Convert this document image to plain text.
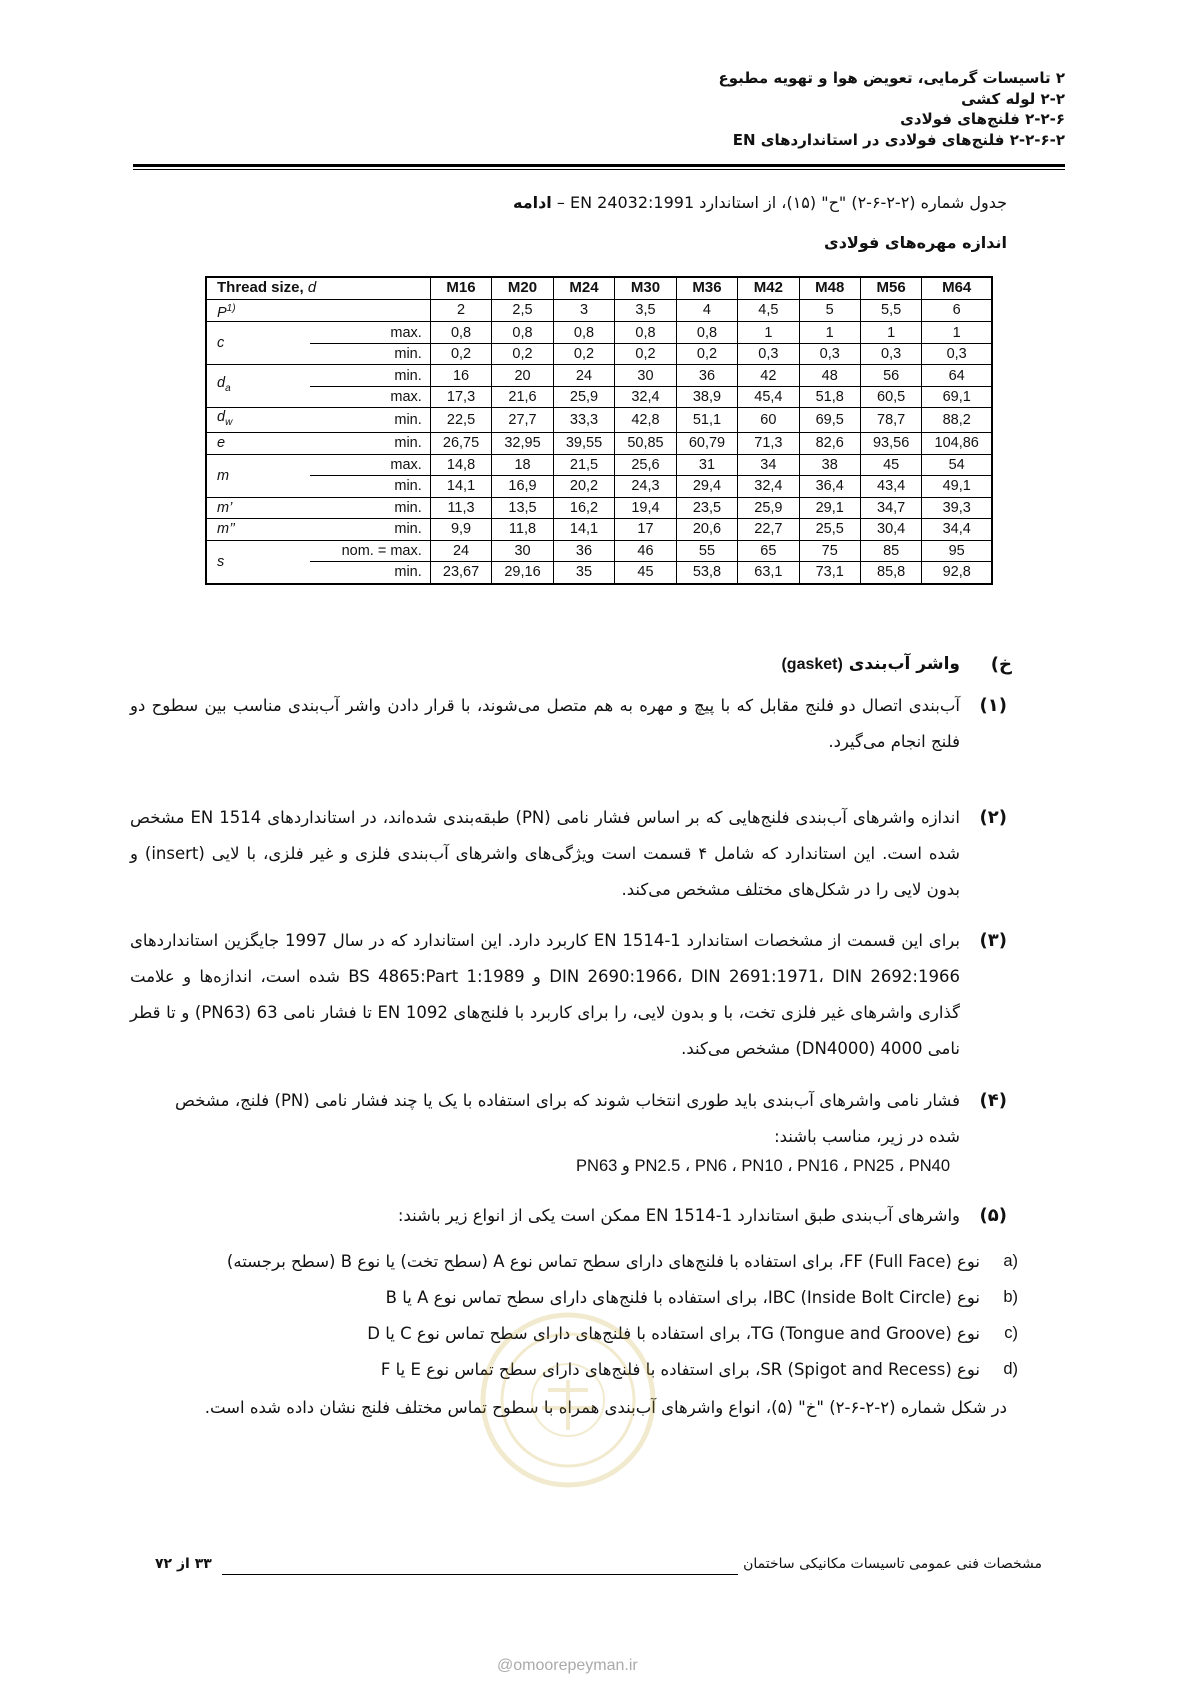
۲ تاسیسات گرمایی، تعویض هوا و تهویه مطبوع
۲-۲ لوله کشی
۲-۲-۶ فلنج‌های فولادی
۲-۲-۶-۲ فلنج‌های فولادی در استانداردهای EN
جدول شماره (۲-۲-۶-۲) "ح" (۱۵)، از استاندارد EN 24032:1991 – ادامه
اندازه مهره‌های فولادی
Thread size, d		M16	M20	M24	M30	M36	M42	M48	M56	M64
$P^{1)}$		2	2,5	3	3,5	4	4,5	5	5,5	6
c	max.	0,8	0,8	0,8	0,8	0,8	1	1	1	1
	min.	0,2	0,2	0,2	0,2	0,2	0,3	0,3	0,3	0,3
$d_a$	min.	16	20	24	30	36	42	48	56	64
	max.	17,3	21,6	25,9	32,4	38,9	45,4	51,8	60,5	69,1
$d_w$	min.	22,5	27,7	33,3	42,8	51,1	60	69,5	78,7	88,2
e	min.	26,75	32,95	39,55	50,85	60,79	71,3	82,6	93,56	104,86
m	max.	14,8	18	21,5	25,6	31	34	38	45	54
	min.	14,1	16,9	20,2	24,3	29,4	32,4	36,4	43,4	49,1
m’	min.	11,3	13,5	16,2	19,4	23,5	25,9	29,1	34,7	39,3
m’’	min.	9,9	11,8	14,1	17	20,6	22,7	25,5	30,4	34,4
s	nom. = max.	24	30	36	46	55	65	75	85	95
	min.	23,67	29,16	35	45	53,8	63,1	73,1	85,8	92,8
خ)
واشر آب‌بندی (gasket)
(۱)
آب‌بندی اتصال دو فلنج مقابل که با پیچ و مهره به هم متصل می‌شوند، با قرار دادن واشر آب‌بندی مناسب بین سطوح دو فلنج انجام می‌گیرد.
(۲)
اندازه واشرهای آب‌بندی فلنج‌هایی که بر اساس فشار نامی (PN) طبقه‌بندی شده‌اند، در استانداردهای EN 1514 مشخص شده است. این استاندارد که شامل ۴ قسمت است ویژگی‌های واشرهای آب‌بندی فلزی و غیر فلزی، با لایی (insert) و بدون لایی را در شکل‌های مختلف مشخص می‌کند.
(۳)
برای این قسمت از مشخصات استاندارد EN 1514-1 کاربرد دارد. این استاندارد که در سال 1997 جایگزین استانداردهای DIN 2690:1966، DIN 2691:1971، DIN 2692:1966 و BS 4865:Part 1:1989 شده است، اندازه‌ها و علامت گذاری واشرهای غیر فلزی تخت، با و بدون لایی، را برای کاربرد با فلنج‌های EN 1092 تا فشار نامی 63 (PN63) و تا قطر نامی 4000 (DN4000) مشخص می‌کند.
(۴)
فشار نامی واشرهای آب‌بندی باید طوری انتخاب شوند که برای استفاده با یک یا چند فشار نامی (PN) فلنج، مشخص شده در زیر، مناسب باشند:
PN2.5 ، PN6 ، PN10 ، PN16 ، PN25 ، PN40 و PN63
(۵)
واشرهای آب‌بندی طبق استاندارد EN 1514-1 ممکن است یکی از انواع زیر باشند:
a)
نوع FF (Full Face)، برای استفاده با فلنج‌های دارای سطح تماس نوع A (سطح تخت) یا نوع B (سطح برجسته)
b)
نوع IBC (Inside Bolt Circle)، برای استفاده با فلنج‌های دارای سطح تماس نوع A یا B
c)
نوع TG (Tongue and Groove)، برای استفاده با فلنج‌های دارای سطح تماس نوع C یا D
d)
نوع SR (Spigot and Recess)، برای استفاده با فلنج‌های دارای سطح تماس نوع E یا F
در شکل شماره (۲-۲-۶-۲) "خ" (۵)، انواع واشرهای آب‌بندی همراه با سطوح تماس مختلف فلنج نشان داده شده است.
مشخصات فنی عمومی تاسیسات مکانیکی ساختمان
۳۳ از ۷۲
@omoorepeyman.ir
